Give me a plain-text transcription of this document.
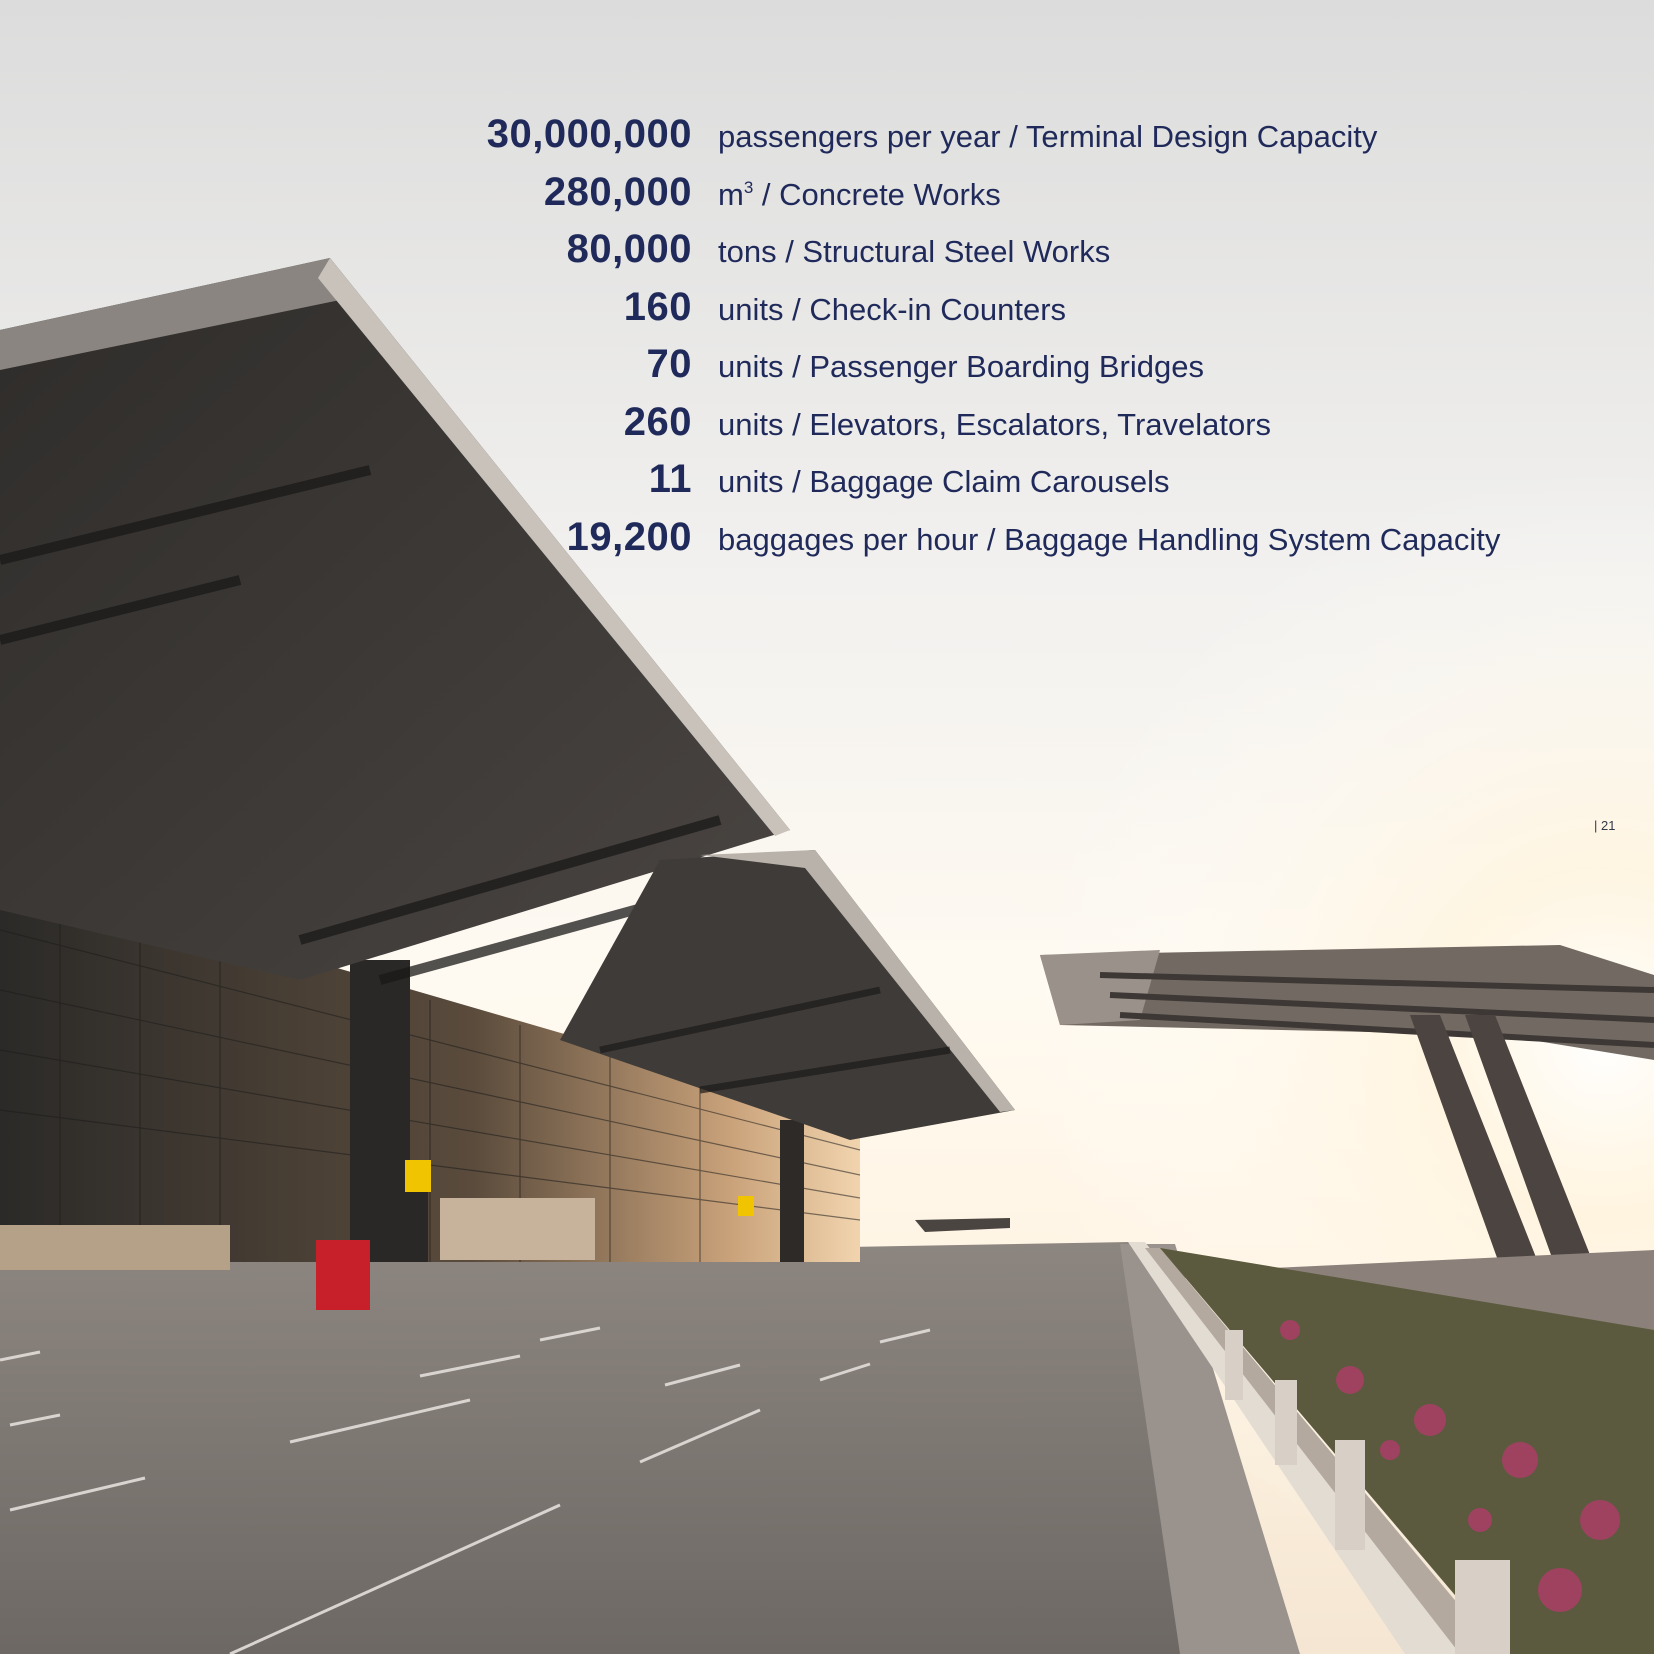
30,000,000 passengers per year / Terminal Design Capacity
280,000 $m^3$ / Concrete Works
80,000 tons / Structural Steel Works
160 units / Check-in Counters
70 units / Passenger Boarding Bridges
260 units / Elevators, Escalators, Travelators
11 units / Baggage Claim Carousels
19,200 baggages per hour / Baggage Handling System Capacity
| 21
